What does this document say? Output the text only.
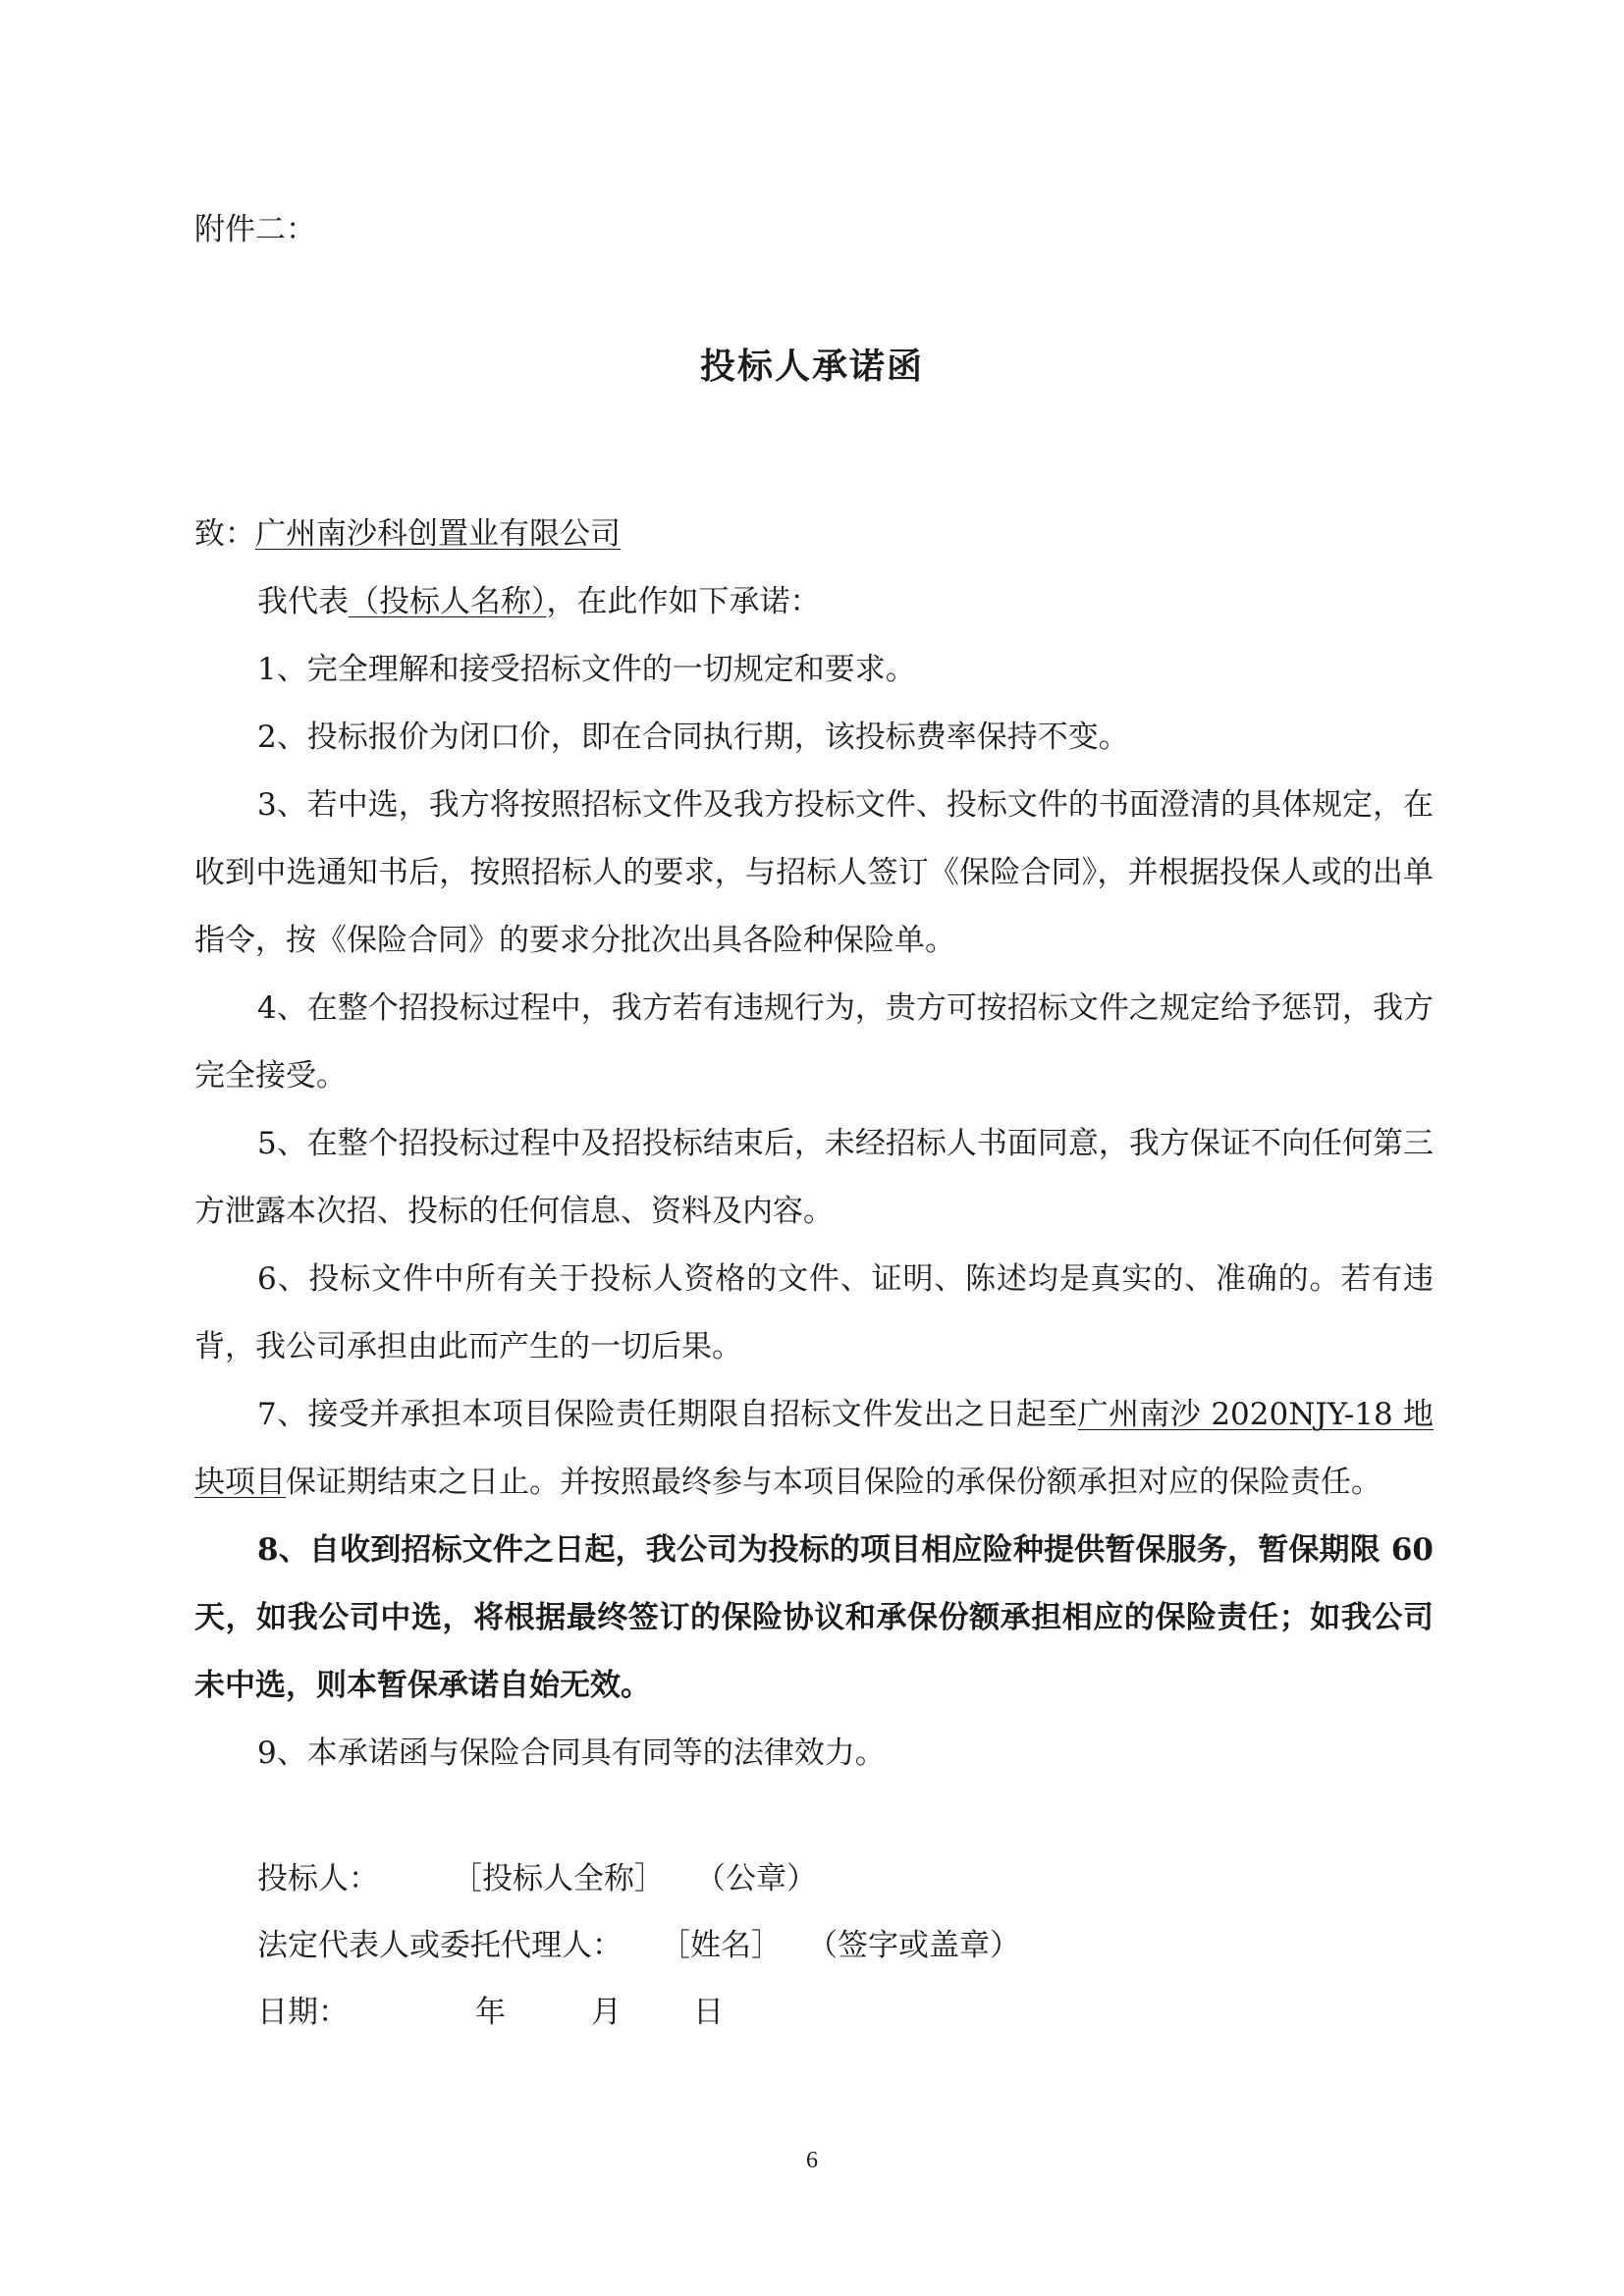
附件二：
投标人承诺函

致：广州南沙科创置业有限公司

我代表（投标人名称），在此作如下承诺：

1、完全理解和接受招标文件的一切规定和要求。

2、投标报价为闭口价，即在合同执行期，该投标费率保持不变。

3、若中选，我方将按照招标文件及我方投标文件、投标文件的书面澄清的具体规定，在收到中选通知书后，按照招标人的要求，与招标人签订《保险合同》，并根据投保人或的出单指令，按《保险合同》的要求分批次出具各险种保险单。

4、在整个招投标过程中，我方若有违规行为，贵方可按招标文件之规定给予惩罚，我方完全接受。

5、在整个招投标过程中及招投标结束后，未经招标人书面同意，我方保证不向任何第三方泄露本次招、投标的任何信息、资料及内容。

6、投标文件中所有关于投标人资格的文件、证明、陈述均是真实的、准确的。若有违背，我公司承担由此而产生的一切后果。

7、接受并承担本项目保险责任期限自招标文件发出之日起至广州南沙 2020NJY-18 地块项目保证期结束之日止。并按照最终参与本项目保险的承保份额承担对应的保险责任。

8、自收到招标文件之日起，我公司为投标的项目相应险种提供暂保服务，暂保期限 60 天，如我公司中选，将根据最终签订的保险协议和承保份额承担相应的保险责任；如我公司未中选，则本暂保承诺自始无效。

9、本承诺函与保险合同具有同等的法律效力。

投标人： ［投标人全称］ （公章）
法定代表人或委托代理人： ［姓名］ （签字或盖章）
日期：	年	月 日
6
